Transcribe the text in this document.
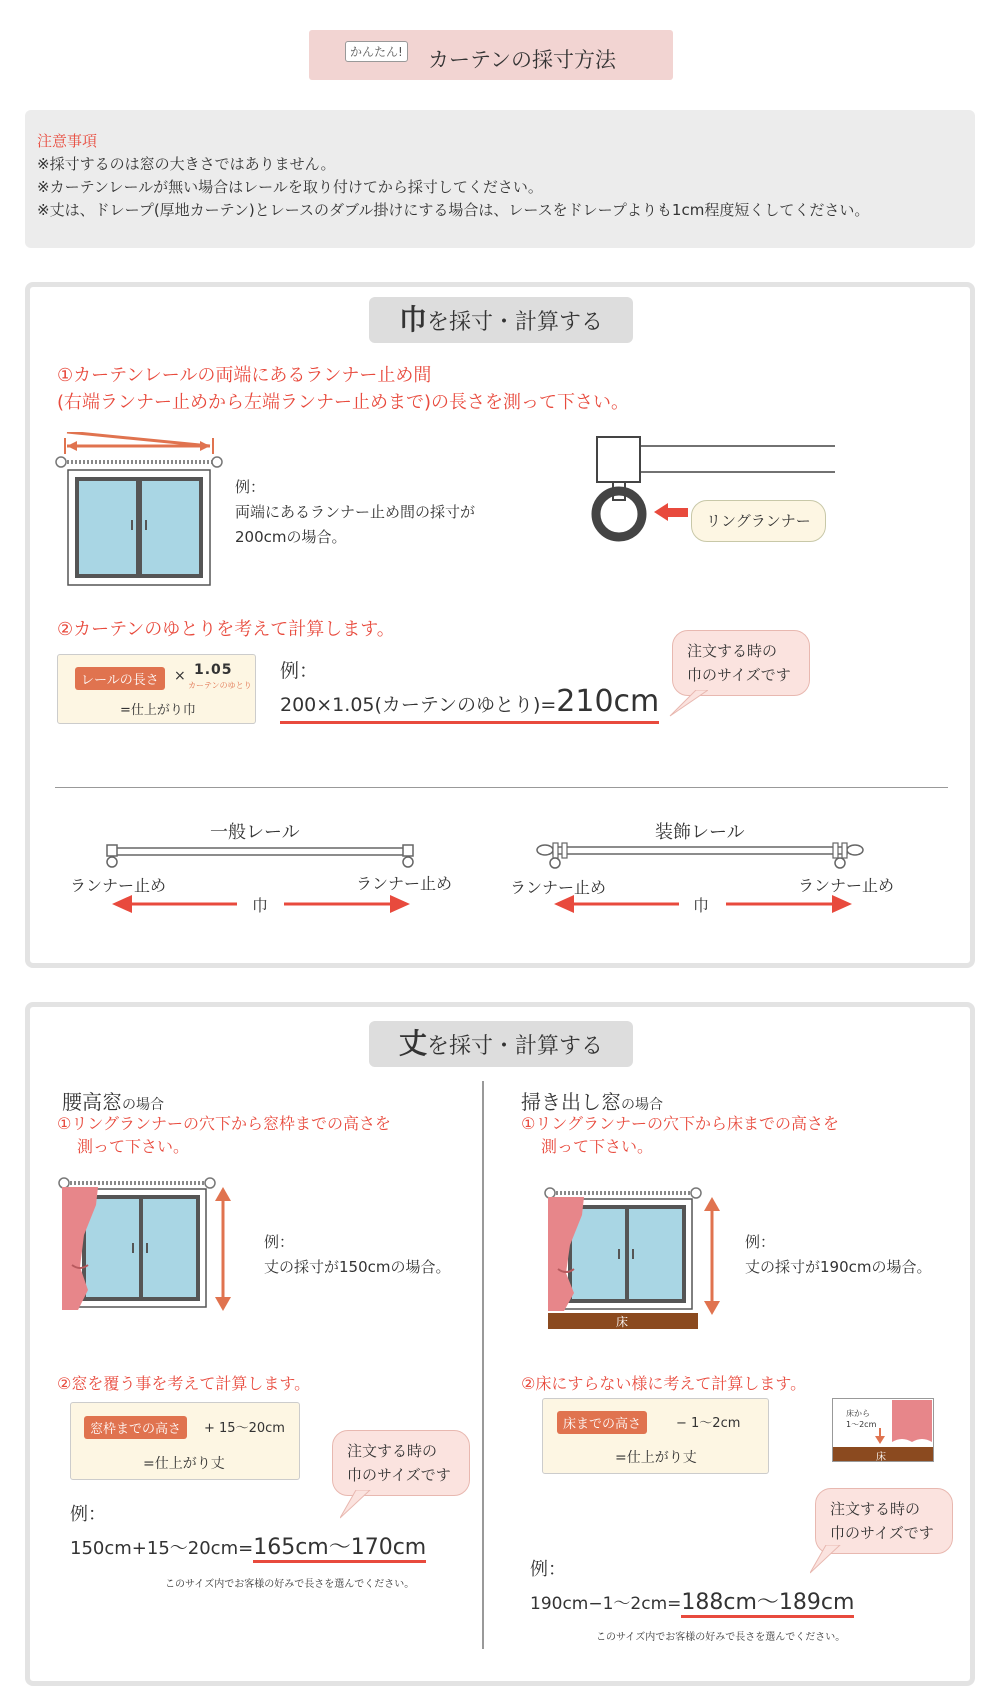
かんたん! カーテンの採寸方法
注意事項
※採寸するのは窓の大きさではありません。
※カーテンレールが無い場合はレールを取り付けてから採寸してください。
※丈は、ドレープ(厚地カーテン)とレースのダブル掛けにする場合は、レースをドレープよりも1cm程度短くしてください。
巾を採寸・計算する
①カーテンレールの両端にあるランナー止め間
(右端ランナー止めから左端ランナー止めまで)の長さを測って下さい。
例：
両端にあるランナー止め間の採寸が
200cmの場合。
リングランナー
②カーテンのゆとりを考えて計算します。
レールの長さ	× 1.05
カーテンのゆとり
=仕上がり巾
例：
200×1.05(カーテンのゆとり)=210cm
注文する時の
巾のサイズです
一般レール	装飾レール
ランナー止め	ランナー止め
巾
ランナー止め	ランナー止め
巾
丈を採寸・計算する
腰高窓の場合
①リングランナーの穴下から窓枠までの高さを
測って下さい。
例：
丈の採寸が150cmの場合。
②窓を覆う事を考えて計算します。
窓枠までの高さ	+ 15〜20cm
=仕上がり丈
注文する時の
巾のサイズです
例：
150cm+15〜20cm=165cm〜170cm
このサイズ内でお客様の好みで長さを選んでください。
掃き出し窓の場合
①リングランナーの穴下から床までの高さを
測って下さい。
床
例：
丈の採寸が190cmの場合。
②床にすらない様に考えて計算します。
床までの高さ	− 1〜2cm
=仕上がり丈
床から
1〜2cm
床
注文する時の
巾のサイズです
例：
190cm−1〜2cm=188cm〜189cm
このサイズ内でお客様の好みで長さを選んでください。
